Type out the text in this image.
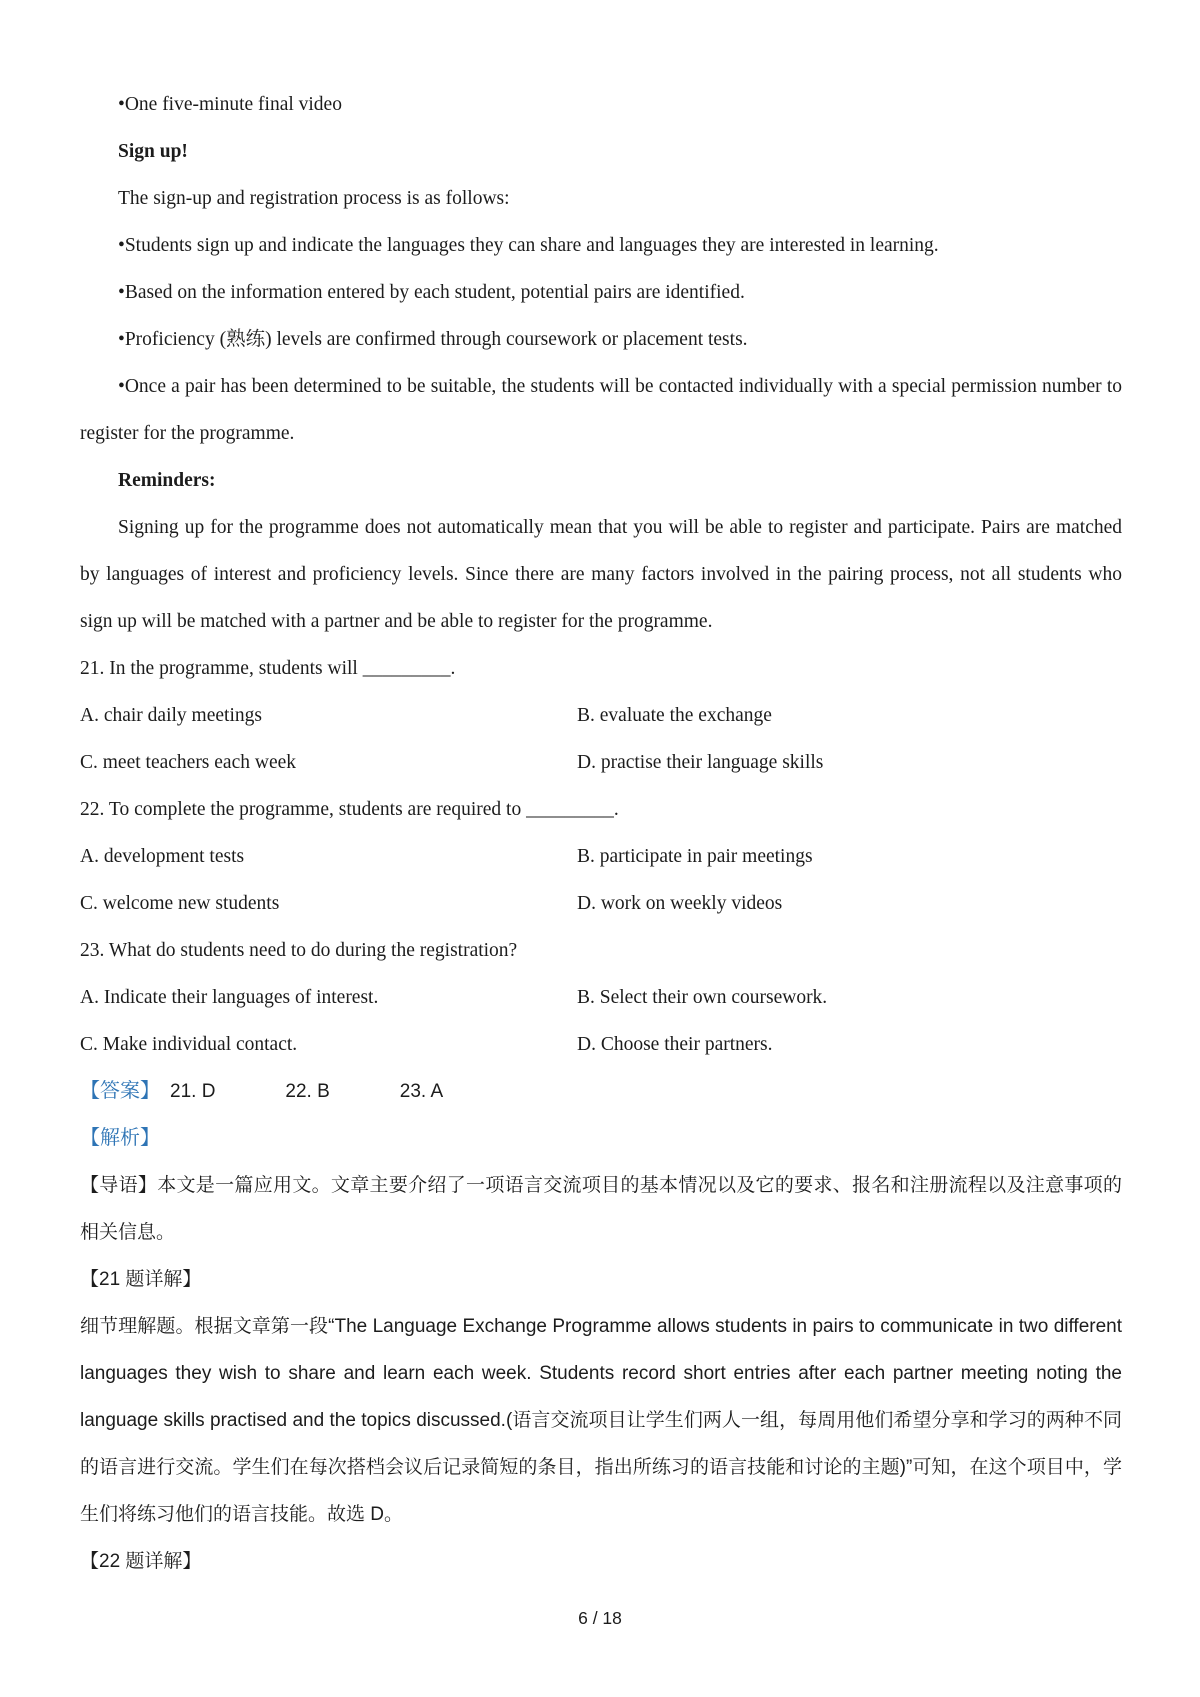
•One five-minute final video

Sign up!

The sign-up and registration process is as follows:

•Students sign up and indicate the languages they can share and languages they are interested in learning.

•Based on the information entered by each student, potential pairs are identified.

•Proficiency (熟练) levels are confirmed through coursework or placement tests.

•Once a pair has been determined to be suitable, the students will be contacted individually with a special permission number to register for the programme.

Reminders:

Signing up for the programme does not automatically mean that you will be able to register and participate. Pairs are matched by languages of interest and proficiency levels. Since there are many factors involved in the pairing process, not all students who sign up will be matched with a partner and be able to register for the programme.

21. In the programme, students will _________.

A. chair daily meetings	B. evaluate the exchange
C. meet teachers each week	D. practise their language skills

22. To complete the programme, students are required to _________.

A. development tests	B. participate in pair meetings
C. welcome new students	D. work on weekly videos

23. What do students need to do during the registration?

A. Indicate their languages of interest.	B. Select their own coursework.
C. Make individual contact.	D. Choose their partners.

【答案】 21. D	22. B	23. A

【解析】

【导语】本文是一篇应用文。文章主要介绍了一项语言交流项目的基本情况以及它的要求、报名和注册流程以及注意事项的相关信息。

【21 题详解】

细节理解题。根据文章第一段“The Language Exchange Programme allows students in pairs to communicate in two different languages they wish to share and learn each week. Students record short entries after each partner meeting noting the language skills practised and the topics discussed.(语言交流项目让学生们两人一组，每周用他们希望分享和学习的两种不同的语言进行交流。学生们在每次搭档会议后记录简短的条目，指出所练习的语言技能和讨论的主题)”可知，在这个项目中，学生们将练习他们的语言技能。故选 D。

【22 题详解】

6 / 18
